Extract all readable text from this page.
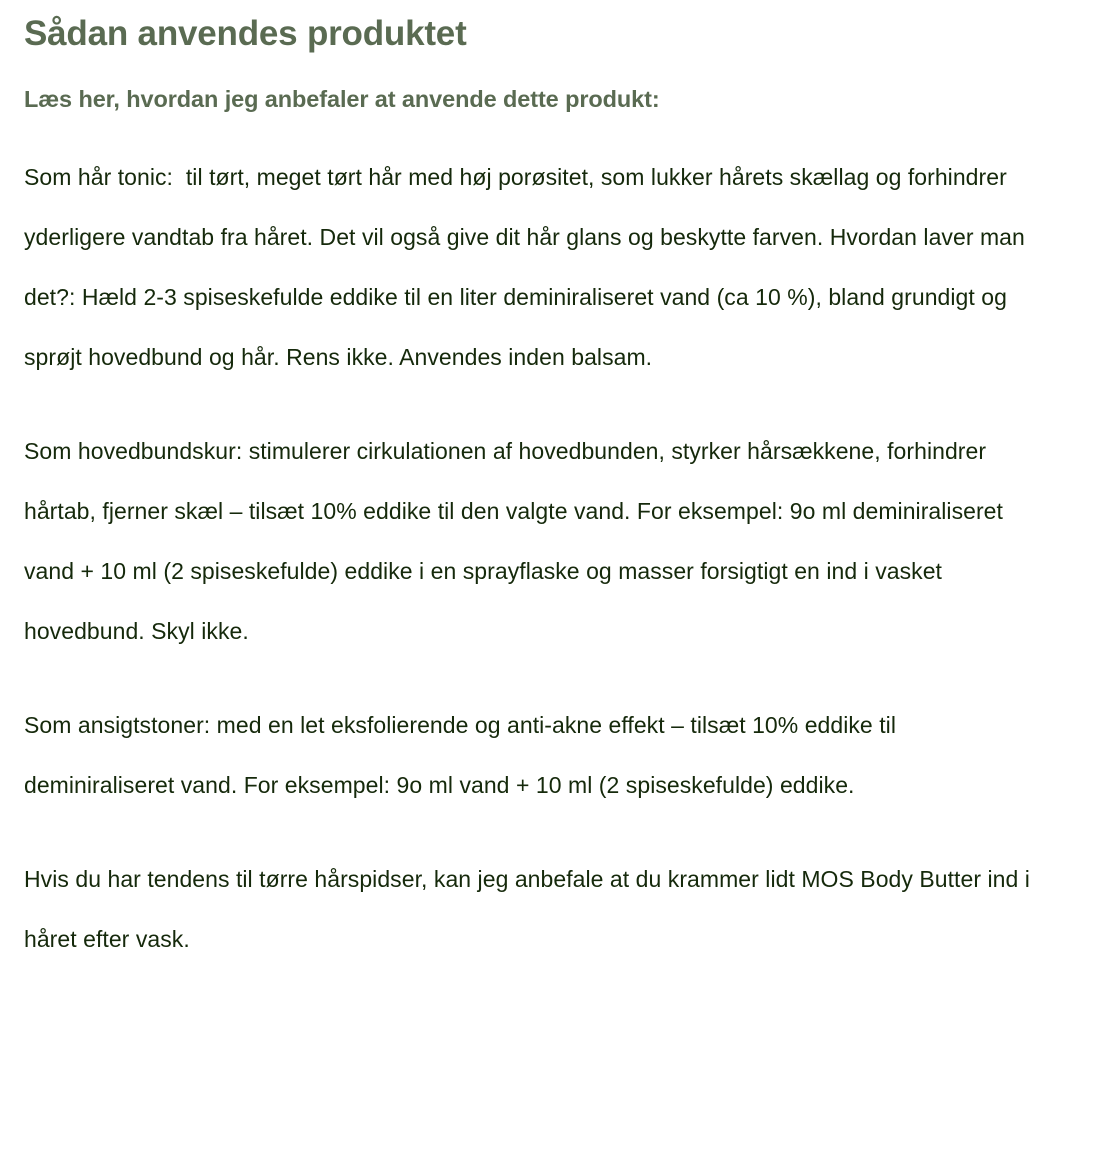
Sådan anvendes produktet
Læs her, hvordan jeg anbefaler at anvende dette produkt:

Som hår tonic:  til tørt, meget tørt hår med høj porøsitet, som lukker hårets skællag og forhindrer yderligere vandtab fra håret. Det vil også give dit hår glans og beskytte farven. Hvordan laver man det?: Hæld 2-3 spiseskefulde eddike til en liter deminiraliseret vand (ca 10 %), bland grundigt og sprøjt hovedbund og hår. Rens ikke. Anvendes inden balsam.

Som hovedbundskur: stimulerer cirkulationen af hovedbunden, styrker hårsækkene, forhindrer hårtab, fjerner skæl – tilsæt 10% eddike til den valgte vand. For eksempel: 9o ml deminiraliseret vand + 10 ml (2 spiseskefulde) eddike i en sprayflaske og masser forsigtigt en ind i vasket hovedbund. Skyl ikke.

Som ansigtstoner: med en let eksfolierende og anti-akne effekt – tilsæt 10% eddike til deminiraliseret vand. For eksempel: 9o ml vand + 10 ml (2 spiseskefulde) eddike.

Hvis du har tendens til tørre hårspidser, kan jeg anbefale at du krammer lidt MOS Body Butter ind i håret efter vask.
